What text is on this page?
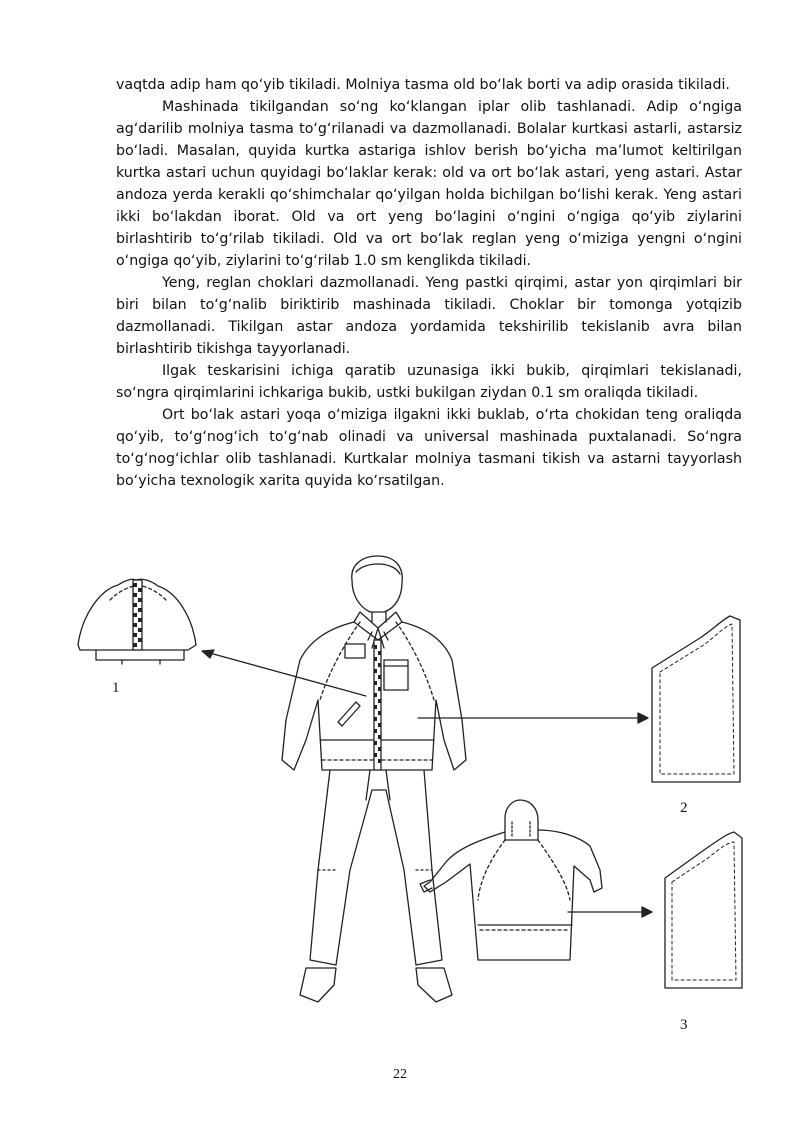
vaqtda adip ham qo‘yib tikiladi. Molniya tasma old bo‘lak borti va adip orasida tikiladi.

Mashinada tikilgandan so‘ng ko‘klangan iplar olib tashlanadi. Adip o‘ngiga ag‘darilib molniya tasma to‘g‘rilanadi va dazmollanadi. Bolalar kurtkasi astarli, astarsiz bo‘ladi. Masalan, quyida kurtka astariga ishlov berish bo‘yicha ma’lumot keltirilgan kurtka astari uchun quyidagi bo‘laklar kerak: old va ort bo‘lak astari, yeng astari. Astar andoza yerda kerakli qo‘shimchalar qo‘yilgan holda bichilgan bo‘lishi kerak. Yeng astari ikki bo‘lakdan iborat. Old va ort yeng bo‘lagini o‘ngini o‘ngiga qo‘yib ziylarini birlashtirib to‘g‘rilab tikiladi. Old va ort bo‘lak reglan yeng o‘miziga yengni o‘ngini o‘ngiga qo‘yib, ziylarini to‘g‘rilab 1.0 sm kenglikda tikiladi.

Yeng, reglan choklari dazmollanadi. Yeng pastki qirqimi, astar yon qirqimlari bir biri bilan to‘g‘nalib biriktirib mashinada tikiladi. Choklar bir tomonga yotqizib dazmollanadi. Tikilgan astar andoza yordamida tekshirilib tekislanib avra bilan birlashtirib tikishga tayyorlanadi.

Ilgak teskarisini ichiga qaratib uzunasiga ikki bukib, qirqimlari tekislanadi, so‘ngra qirqimlarini ichkariga bukib, ustki bukilgan ziydan 0.1 sm oraliqda tikiladi.

Ort bo‘lak astari yoqa o‘miziga ilgakni ikki buklab, o‘rta chokidan teng oraliqda qo‘yib, to‘g‘nog‘ich to‘g‘nab olinadi va universal mashinada puxtalanadi. So‘ngra to‘g‘nog‘ichlar olib tashlanadi. Kurtkalar molniya tasmani tikish va astarni tayyorlash bo‘yicha texnologik xarita quyida ko‘rsatilgan.

1
2
3
22
